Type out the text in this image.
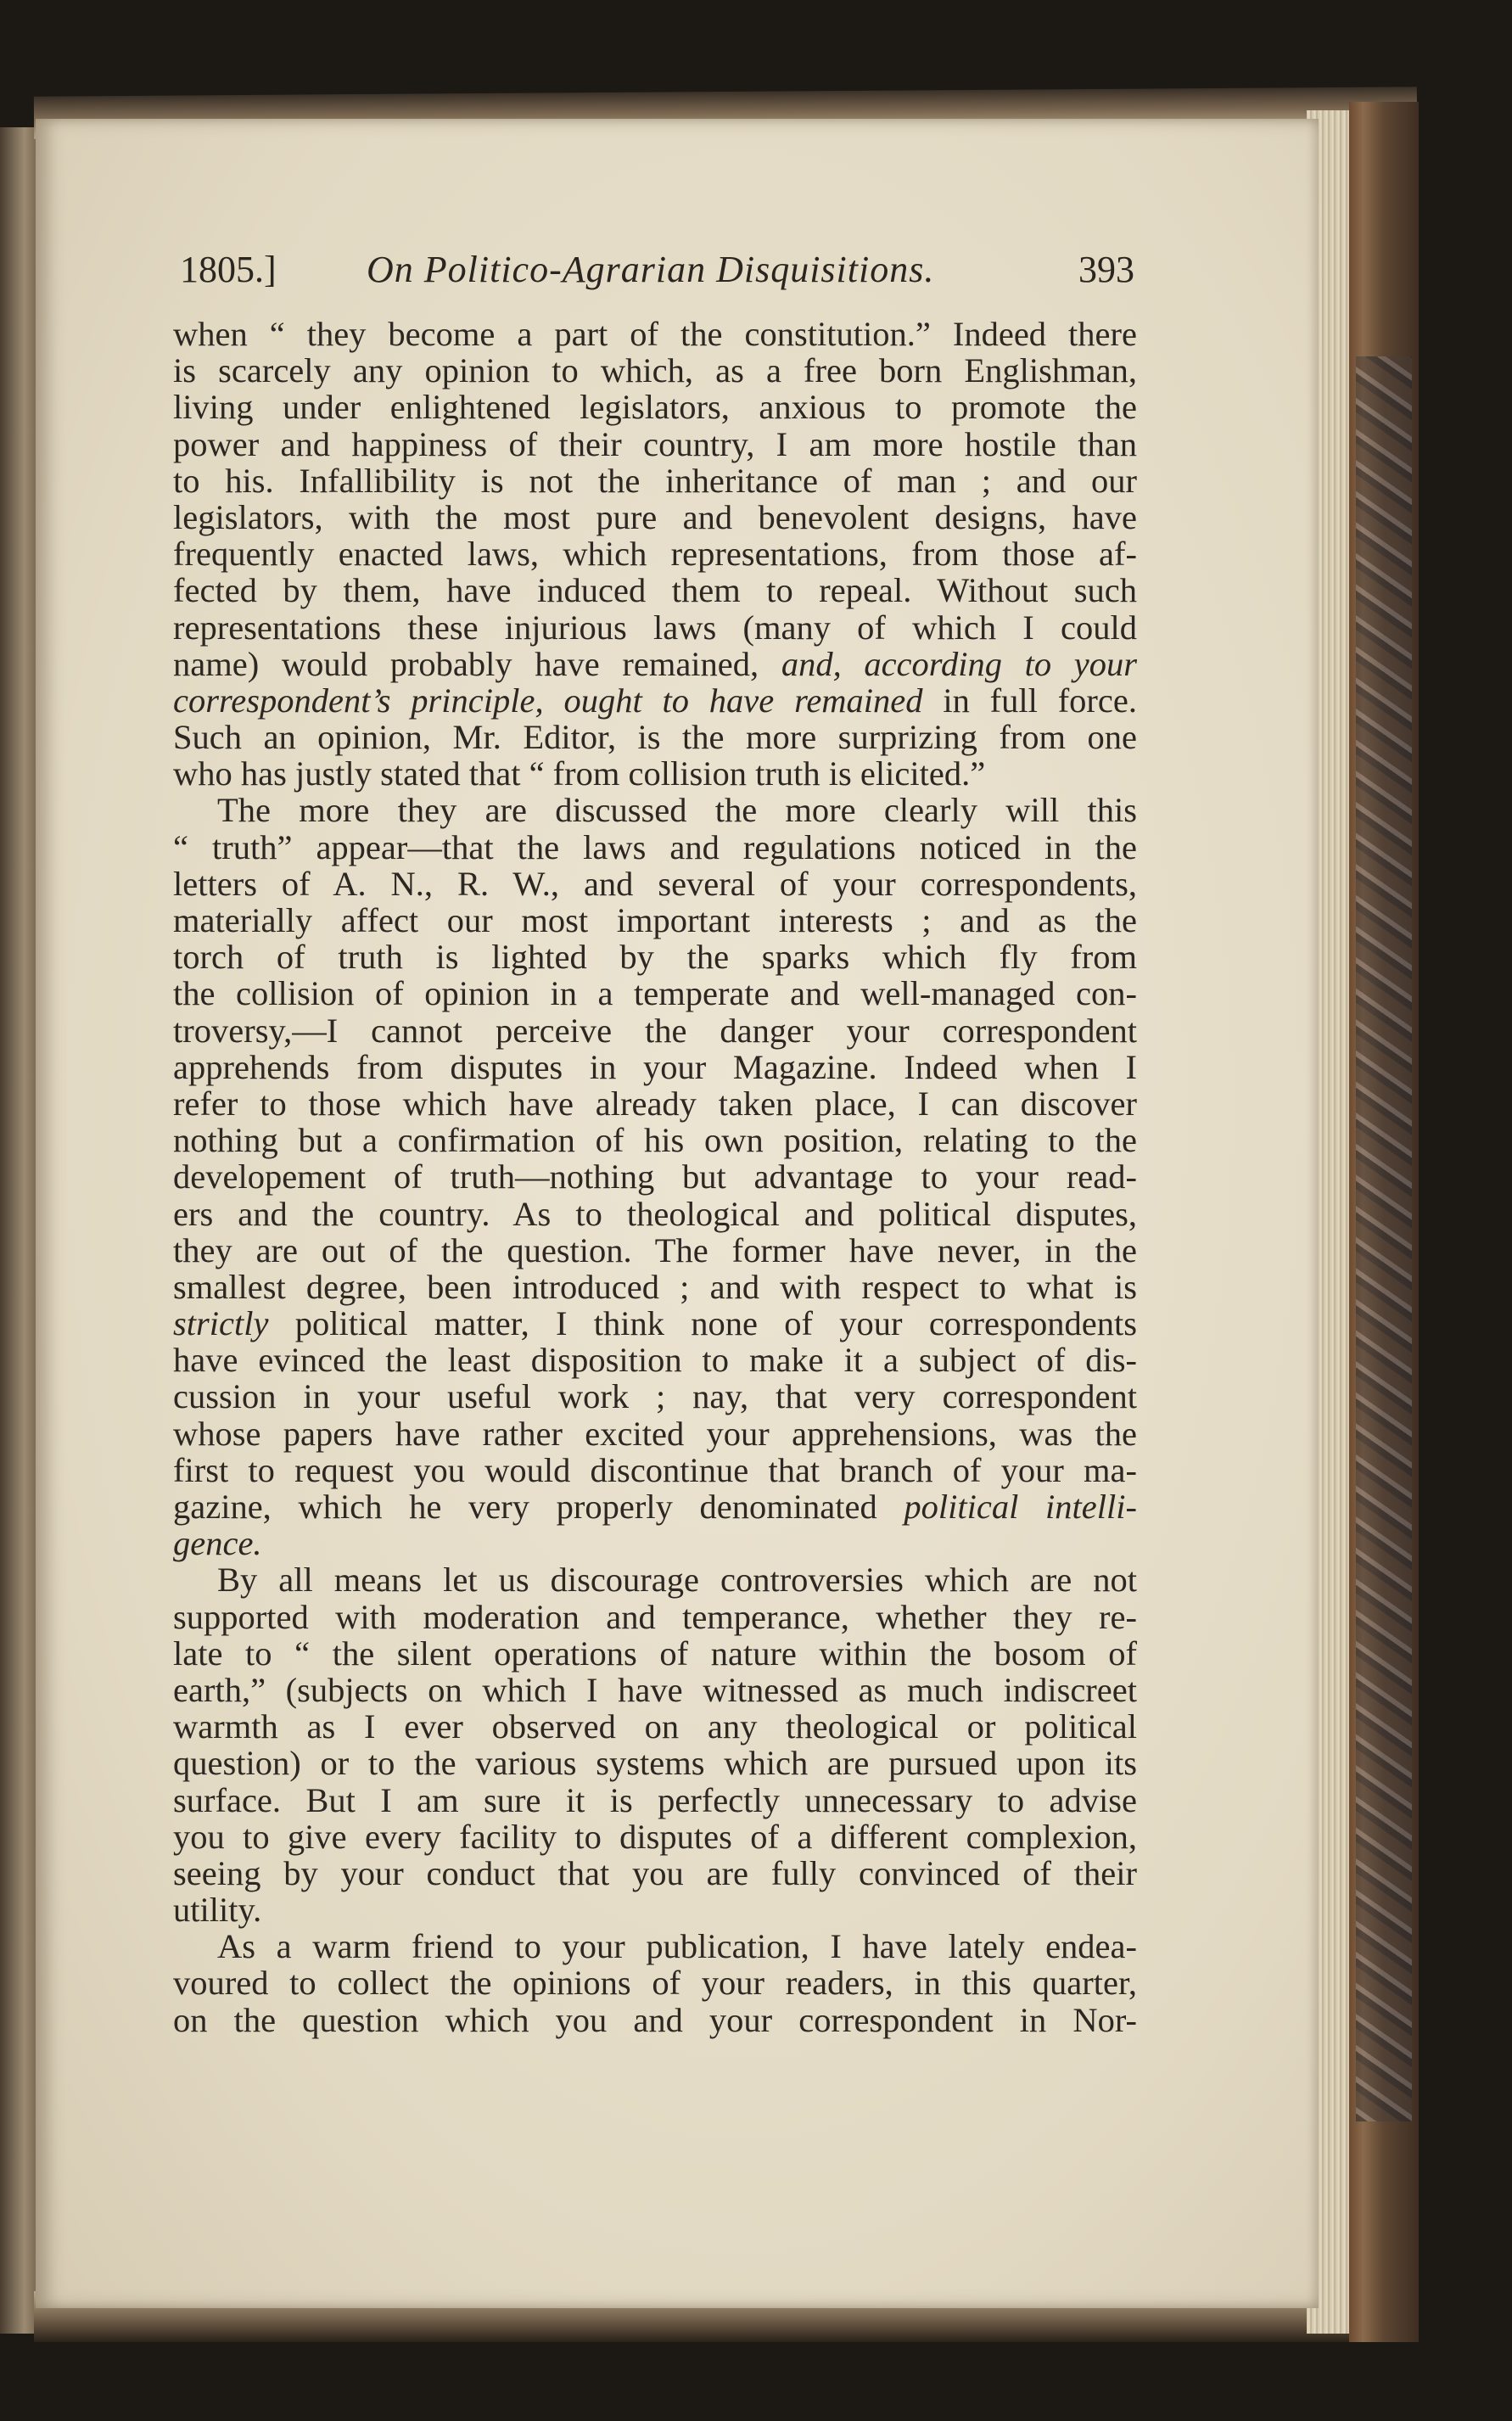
1805.] On Politico-Agrarian Disquisitions.	393
when “ they become a part of the constitution.” Indeed there
is scarcely any opinion to which, as a free born Englishman,
living under enlightened legislators, anxious to promote the
power and happiness of their country, I am more hostile than
to his. Infallibility is not the inheritance of man ; and our
legislators, with the most pure and benevolent designs, have
frequently enacted laws, which representations, from those af-
fected by them, have induced them to repeal. Without such
representations these injurious laws (many of which I could
name) would probably have remained, and, according to your
correspondent’s principle, ought to have remained in full force.
Such an opinion, Mr. Editor, is the more surprizing from one
who has justly stated that “ from collision truth is elicited.”
The more they are discussed the more clearly will this
“ truth” appear—that the laws and regulations noticed in the
letters of A. N., R. W., and several of your correspondents,
materially affect our most important interests ; and as the
torch of truth is lighted by the sparks which fly from
the collision of opinion in a temperate and well-managed con-
troversy,—I cannot perceive the danger your correspondent
apprehends from disputes in your Magazine. Indeed when I
refer to those which have already taken place, I can discover
nothing but a confirmation of his own position, relating to the
developement of truth—nothing but advantage to your read-
ers and the country. As to theological and political disputes,
they are out of the question. The former have never, in the
smallest degree, been introduced ; and with respect to what is
strictly political matter, I think none of your correspondents
have evinced the least disposition to make it a subject of dis-
cussion in your useful work ; nay, that very correspondent
whose papers have rather excited your apprehensions, was the
first to request you would discontinue that branch of your ma-
gazine, which he very properly denominated political intelli-
gence.
By all means let us discourage controversies which are not
supported with moderation and temperance, whether they re-
late to “ the silent operations of nature within the bosom of
earth,” (subjects on which I have witnessed as much indiscreet
warmth as I ever observed on any theological or political
question) or to the various systems which are pursued upon its
surface. But I am sure it is perfectly unnecessary to advise
you to give every facility to disputes of a different complexion,
seeing by your conduct that you are fully convinced of their
utility.
As a warm friend to your publication, I have lately endea-
voured to collect the opinions of your readers, in this quarter,
on the question which you and your correspondent in Nor-
